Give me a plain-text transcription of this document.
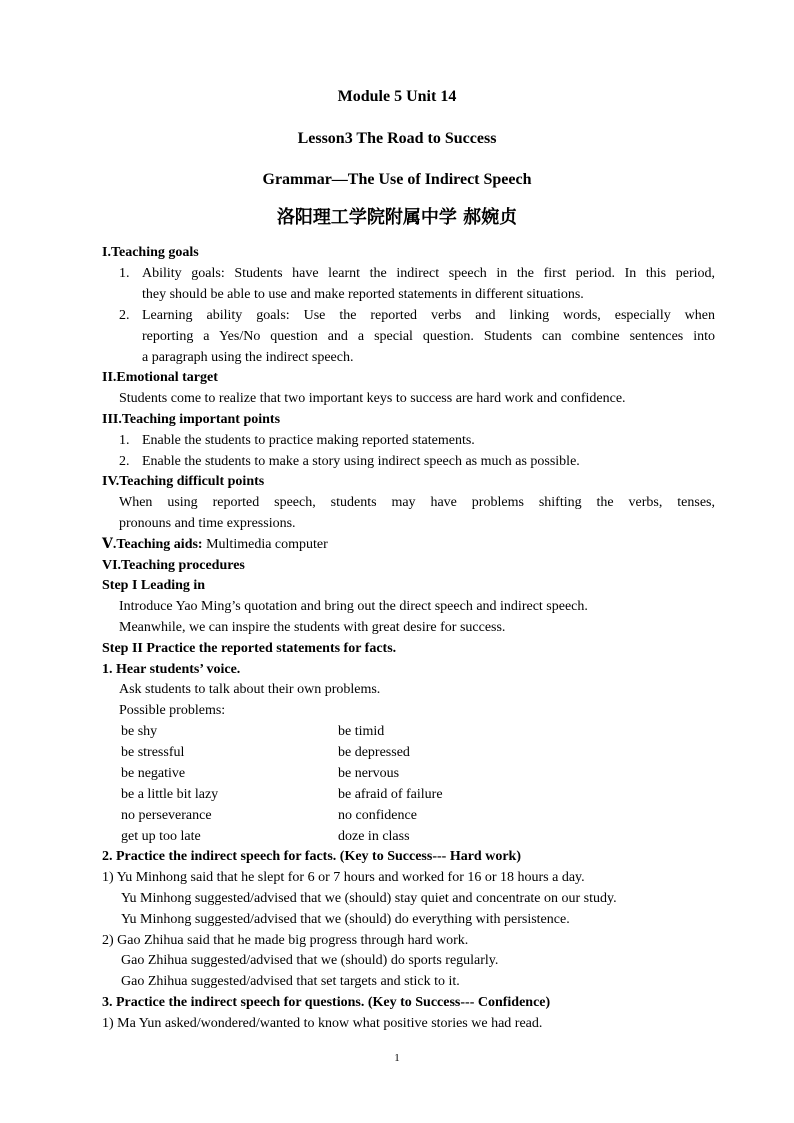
Module 5 Unit 14
Lesson3 The Road to Success
Grammar—The Use of Indirect Speech
洛阳理工学院附属中学 郝婉贞
I.Teaching goals
1. Ability goals: Students have learnt the indirect speech in the first period. In this period,
they should be able to use and make reported statements in different situations.
2. Learning ability goals: Use the reported verbs and linking words, especially when
reporting a Yes/No question and a special question. Students can combine sentences into
a paragraph using the indirect speech.
II.Emotional target
Students come to realize that two important keys to success are hard work and confidence.
III.Teaching important points
1. Enable the students to practice making reported statements.
2. Enable the students to make a story using indirect speech as much as possible.
IV.Teaching difficult points
When using reported speech, students may have problems shifting the verbs, tenses,
pronouns and time expressions.
Ⅴ.Teaching aids: Multimedia computer
VI.Teaching procedures
Step I Leading in
Introduce Yao Ming’s quotation and bring out the direct speech and indirect speech.
Meanwhile, we can inspire the students with great desire for success.
Step II Practice the reported statements for facts.
1. Hear students’ voice.
Ask students to talk about their own problems.
Possible problems:
be shy	be timid
be stressful	be depressed
be negative	be nervous
be a little bit lazy	be afraid of failure
no perseverance	no confidence
get up too late	doze in class
2. Practice the indirect speech for facts. (Key to Success--- Hard work)
1) Yu Minhong said that he slept for 6 or 7 hours and worked for 16 or 18 hours a day.
Yu Minhong suggested/advised that we (should) stay quiet and concentrate on our study.
Yu Minhong suggested/advised that we (should) do everything with persistence.
2) Gao Zhihua said that he made big progress through hard work.
Gao Zhihua suggested/advised that we (should) do sports regularly.
Gao Zhihua suggested/advised that set targets and stick to it.
3. Practice the indirect speech for questions. (Key to Success--- Confidence)
1) Ma Yun asked/wondered/wanted to know what positive stories we had read.
1
